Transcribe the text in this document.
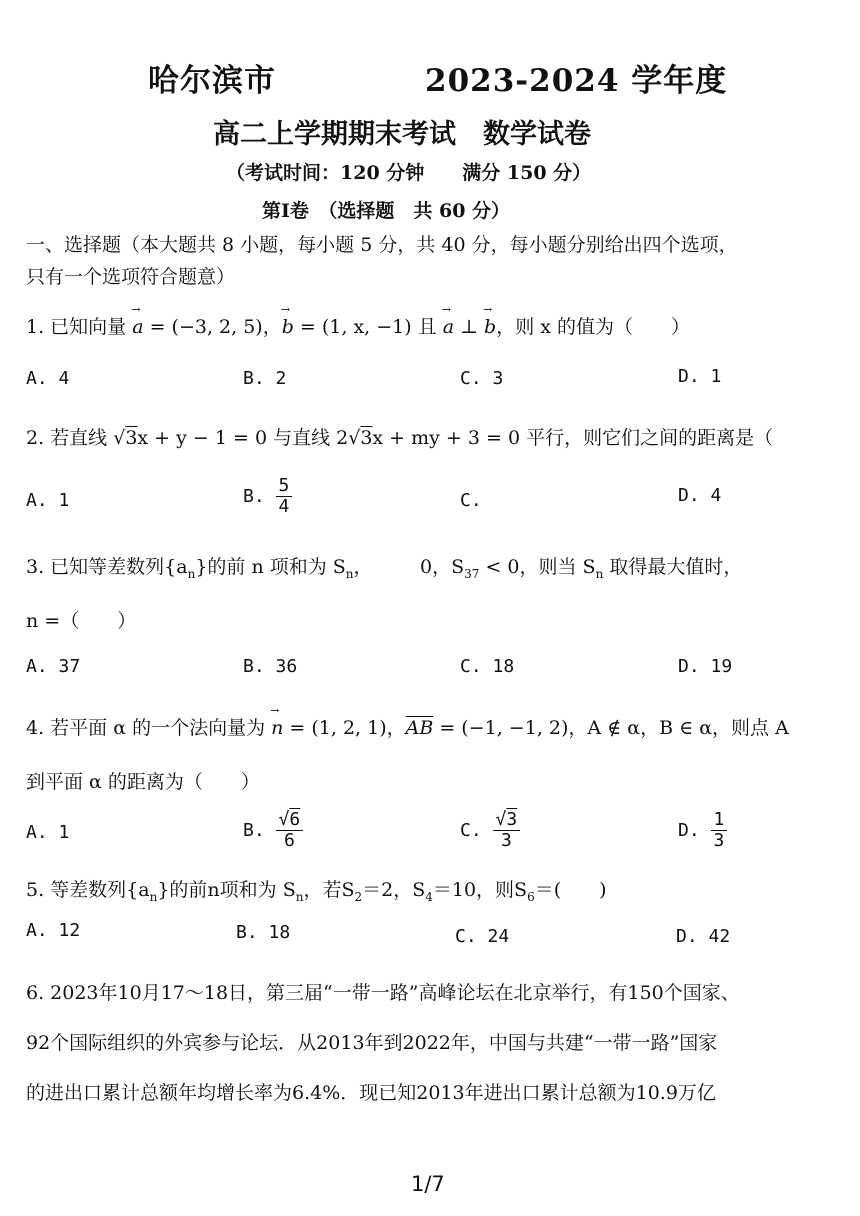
哈尔滨市	2023-2024 学年度
高二上学期期末考试　数学试卷
（考试时间：120 分钟　　满分 150 分）
第Ⅰ卷　（选择题　共 60 分）
一、选择题（本大题共 8 小题，每小题 5 分，共 40 分，每小题分别给出四个选项，
只有一个选项符合题意）
1. 已知向量 → a = (−3, 2, 5)，→ b = (1, x, −1) 且 → a ⊥ → b，则 x 的值为（　　）
A. 4	B. 2	C. 3	D. 1
2. 若直线 √3x + y − 1 = 0 与直线 2√3x + my + 3 = 0 平行，则它们之间的距离是（
A. 1	B. $\frac{5}{4}$	C.	D. 4
3. 已知等差数列$\{a_n\}$的前 n 项和为 $S_n$，　　　0，$S_{37} < 0$，则当 $S_n$ 取得最大值时，
n =（　　）
A. 37	B. 36	C. 18	D. 19
4. 若平面 α 的一个法向量为 → n = (1, 2, 1)，$\overline{AB} = (-1$, −1, 2)，A ∉ α，B ∈ α，则点 A
到平面 α 的距离为（　　）
A. 1	B. $\frac{√6}{6}$	C. $\frac{√3}{3}$	D. $\frac{1}{3}$
5. 等差数列$\{a_n\}$的前n项和为 $S_n$，若$S_2=2$，$S_4=10$，则$S_6=$(　　)
A. 12	B. 18	C. 24	D. 42
6. 2023年10月17～18日，第三届“一带一路”高峰论坛在北京举行，有150个国家、
92个国际组织的外宾参与论坛．从2013年到2022年，中国与共建“一带一路”国家
的进出口累计总额年均增长率为6.4%．现已知2013年进出口累计总额为10.9万亿
1/7
